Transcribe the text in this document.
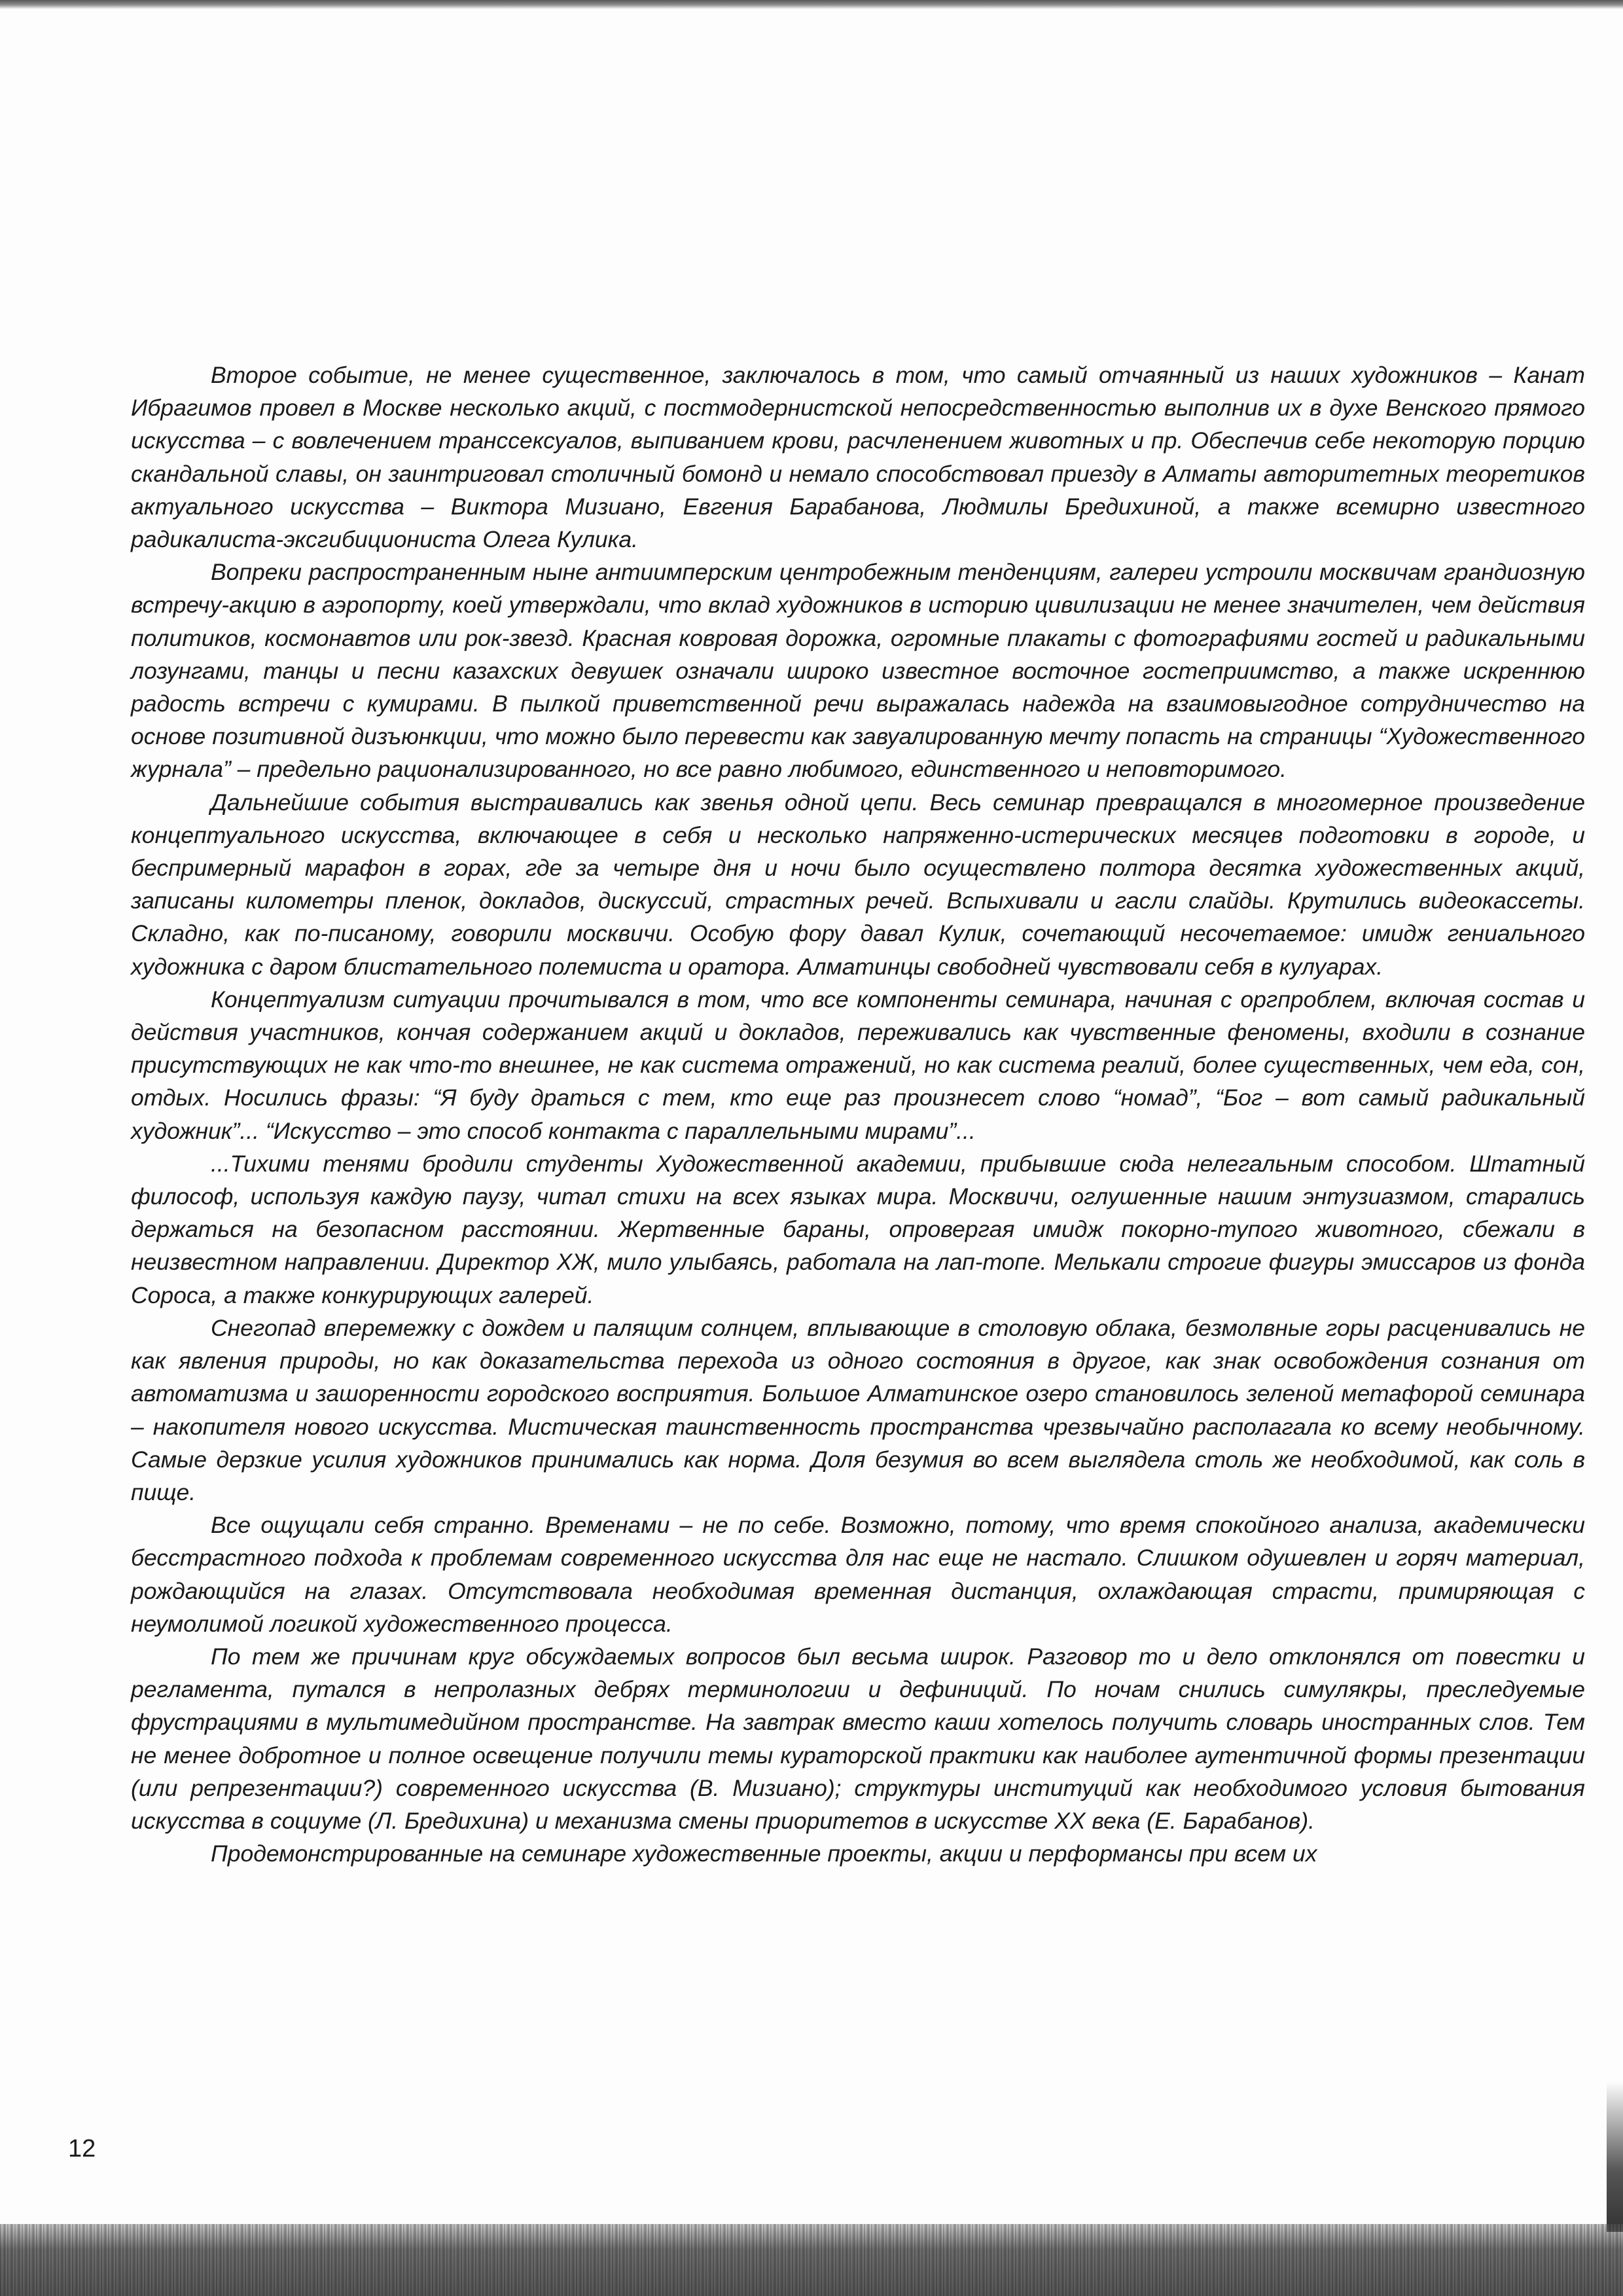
Второе событие, не менее существенное, заключалось в том, что самый отчаянный из наших художников – Канат Ибрагимов провел в Москве несколько акций, с постмодернистской непосредственностью выполнив их в духе Венского прямого искусства – с вовлечением транссексуалов, выпиванием крови, расчленением животных и пр. Обеспечив себе некоторую порцию скандальной славы, он заинтриговал столичный бомонд и немало способствовал приезду в Алматы авторитетных теоретиков актуального искусства – Виктора Мизиано, Евгения Барабанова, Людмилы Бредихиной, а также всемирно известного радикалиста-эксгибициониста Олега Кулика.

Вопреки распространенным ныне антиимперским центробежным тенденциям, галереи устроили москвичам грандиозную встречу-акцию в аэропорту, коей утверждали, что вклад художников в историю цивилизации не менее значителен, чем действия политиков, космонавтов или рок-звезд. Красная ковровая дорожка, огромные плакаты с фотографиями гостей и радикальными лозунгами, танцы и песни казахских девушек означали широко известное восточное гостеприимство, а также искреннюю радость встречи с кумирами. В пылкой приветственной речи выражалась надежда на взаимовыгодное сотрудничество на основе позитивной дизъюнкции, что можно было перевести как завуалированную мечту попасть на страницы “Художественного журнала” – предельно рационализированного, но все равно любимого, единственного и неповторимого.

Дальнейшие события выстраивались как звенья одной цепи. Весь семинар превращался в многомерное произведение концептуального искусства, включающее в себя и несколько напряженно-истерических месяцев подготовки в городе, и беспримерный марафон в горах, где за четыре дня и ночи было осуществлено полтора десятка художественных акций, записаны километры пленок, докладов, дискуссий, страстных речей. Вспыхивали и гасли слайды. Крутились видеокассеты. Складно, как по-писаному, говорили москвичи. Особую фору давал Кулик, сочетающий несочетаемое: имидж гениального художника с даром блистательного полемиста и оратора. Алматинцы свободней чувствовали себя в кулуарах.

Концептуализм ситуации прочитывался в том, что все компоненты семинара, начиная с оргпроблем, включая состав и действия участников, кончая содержанием акций и докладов, переживались как чувственные феномены, входили в сознание присутствующих не как что-то внешнее, не как система отражений, но как система реалий, более существенных, чем еда, сон, отдых. Носились фразы: “Я буду драться с тем, кто еще раз произнесет слово “номад”, “Бог – вот самый радикальный художник”... “Искусство – это способ контакта с параллельными мирами”...

...Тихими тенями бродили студенты Художественной академии, прибывшие сюда нелегальным способом. Штатный философ, используя каждую паузу, читал стихи на всех языках мира. Москвичи, оглушенные нашим энтузиазмом, старались держаться на безопасном расстоянии. Жертвенные бараны, опровергая имидж покорно-тупого животного, сбежали в неизвестном направлении. Директор ХЖ, мило улыбаясь, работала на лап-топе. Мелькали строгие фигуры эмиссаров из фонда Сороса, а также конкурирующих галерей.

Снегопад вперемежку с дождем и палящим солнцем, вплывающие в столовую облака, безмолвные горы расценивались не как явления природы, но как доказательства перехода из одного состояния в другое, как знак освобождения сознания от автоматизма и зашоренности городского восприятия. Большое Алматинское озеро становилось зеленой метафорой семинара – накопителя нового искусства. Мистическая таинственность пространства чрезвычайно располагала ко всему необычному. Самые дерзкие усилия художников принимались как норма. Доля безумия во всем выглядела столь же необходимой, как соль в пище.

Все ощущали себя странно. Временами – не по себе. Возможно, потому, что время спокойного анализа, академически бесстрастного подхода к проблемам современного искусства для нас еще не настало. Слишком одушевлен и горяч материал, рождающийся на глазах. Отсутствовала необходимая временная дистанция, охлаждающая страсти, примиряющая с неумолимой логикой художественного процесса.

По тем же причинам круг обсуждаемых вопросов был весьма широк. Разговор то и дело отклонялся от повестки и регламента, путался в непролазных дебрях терминологии и дефиниций. По ночам снились симулякры, преследуемые фрустрациями в мультимедийном пространстве. На завтрак вместо каши хотелось получить словарь иностранных слов. Тем не менее добротное и полное освещение получили темы кураторской практики как наиболее аутентичной формы презентации (или репрезентации?) современного искусства (В. Мизиано); структуры институций как необходимого условия бытования искусства в социуме (Л. Бредихина) и механизма смены приоритетов в искусстве XX века (Е. Барабанов).

Продемонстрированные на семинаре художественные проекты, акции и перформансы при всем их

12
